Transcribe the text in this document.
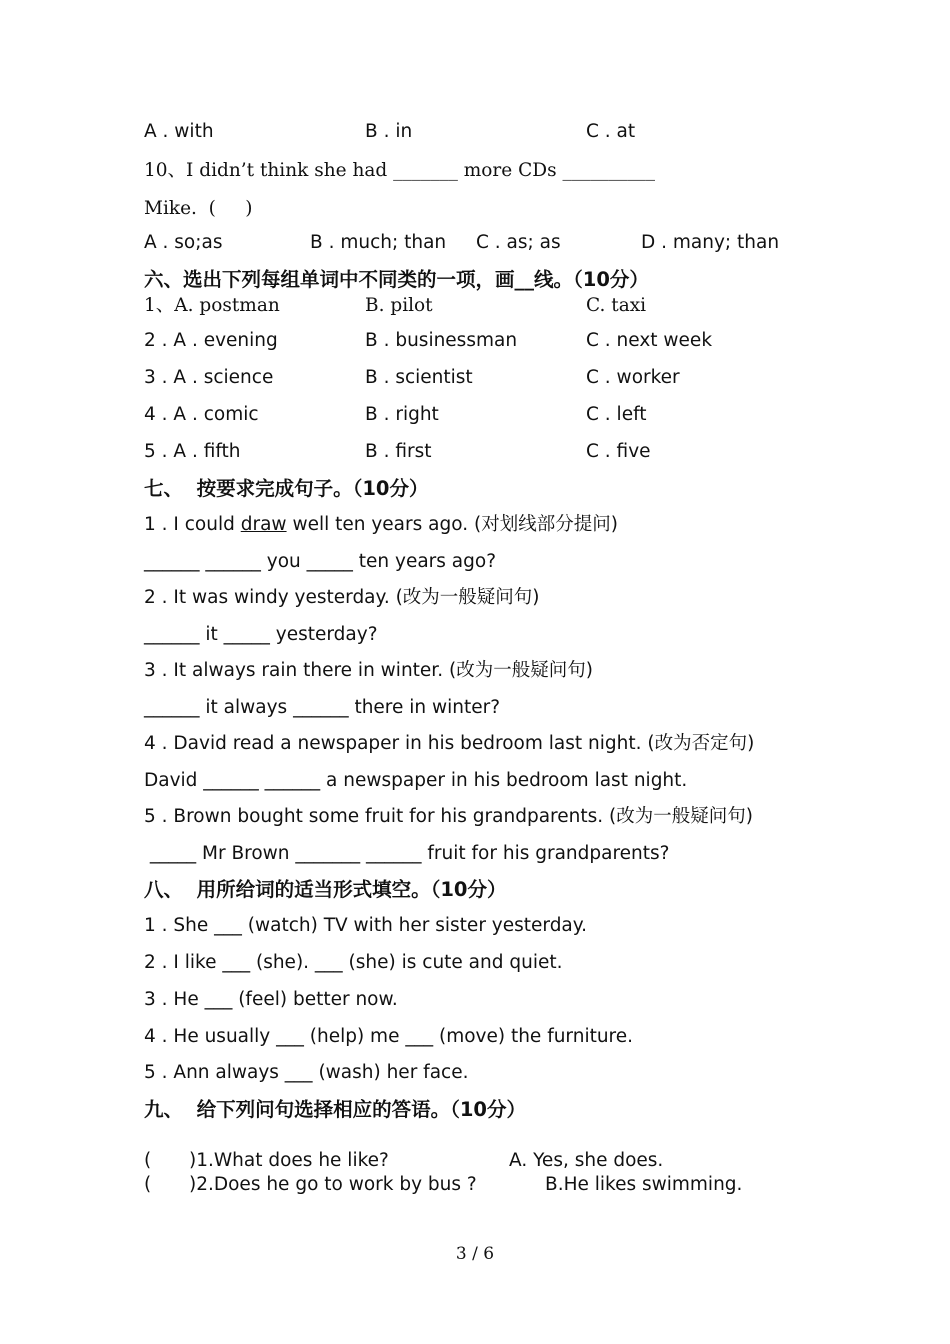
A . with	B . in	C . at
10、I didn’t think she had _______ more CDs __________
Mike.  (     )
A . so;as	B . much; than C . as; as	D . many; than
六、选出下列每组单词中不同类的一项，画__线。（10分）
1、A. postman	B. pilot	C. taxi
2 . A . evening	B . businessman	C . next week
3 . A . science	B . scientist	C . worker
4 . A . comic	B . right	C . left
5 . A . fifth	B . first	C . five
七、  按要求完成句子。（10分）
1 . I could draw well ten years ago. (对划线部分提问)
______ ______ you _____ ten years ago?
2 . It was windy yesterday. (改为一般疑问句)
______ it _____ yesterday?
3 . It always rain there in winter. (改为一般疑问句)
______ it always ______ there in winter?
4 . David read a newspaper in his bedroom last night. (改为否定句)
David ______ ______ a newspaper in his bedroom last night.
5 . Brown bought some fruit for his grandparents. (改为一般疑问句)
_____ Mr Brown _______ ______ fruit for his grandparents?
八、  用所给词的适当形式填空。（10分）
1 . She ___ (watch) TV with her sister yesterday.
2 . I like ___ (she). ___ (she) is cute and quiet.
3 . He ___ (feel) better now.
4 . He usually ___ (help) me ___ (move) the furniture.
5 . Ann always ___ (wash) her face.
九、  给下列问句选择相应的答语。（10分）
( )1.What does he like?	A. Yes, she does.
( )2.Does he go to work by bus ?	B.He likes swimming.
3 / 6
